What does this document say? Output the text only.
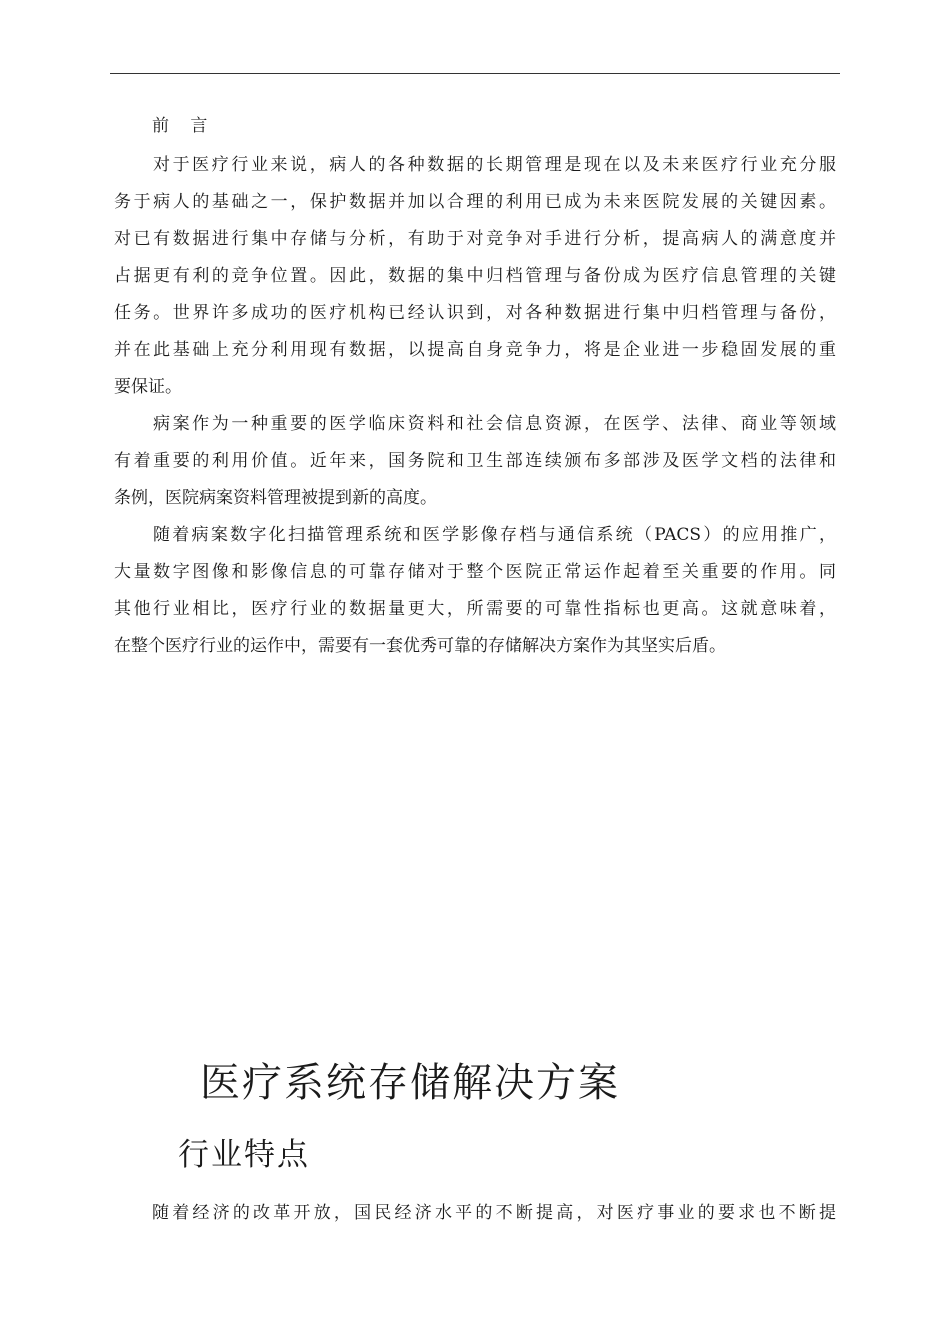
前 言
对于医疗行业来说，病人的各种数据的长期管理是现在以及未来医疗行业充分服
务于病人的基础之一，保护数据并加以合理的利用已成为未来医院发展的关键因素。
对已有数据进行集中存储与分析，有助于对竞争对手进行分析，提高病人的满意度并
占据更有利的竞争位置。因此，数据的集中归档管理与备份成为医疗信息管理的关键
任务。世界许多成功的医疗机构已经认识到，对各种数据进行集中归档管理与备份，
并在此基础上充分利用现有数据，以提高自身竞争力，将是企业进一步稳固发展的重
要保证。
病案作为一种重要的医学临床资料和社会信息资源，在医学、法律、商业等领域
有着重要的利用价值。近年来，国务院和卫生部连续颁布多部涉及医学文档的法律和
条例，医院病案资料管理被提到新的高度。
随着病案数字化扫描管理系统和医学影像存档与通信系统（PACS）的应用推广，
大量数字图像和影像信息的可靠存储对于整个医院正常运作起着至关重要的作用。同
其他行业相比，医疗行业的数据量更大，所需要的可靠性指标也更高。这就意味着，
在整个医疗行业的运作中，需要有一套优秀可靠的存储解决方案作为其坚实后盾。
医疗系统存储解决方案
行业特点

随着经济的改革开放，国民经济水平的不断提高，对医疗事业的要求也不断提
